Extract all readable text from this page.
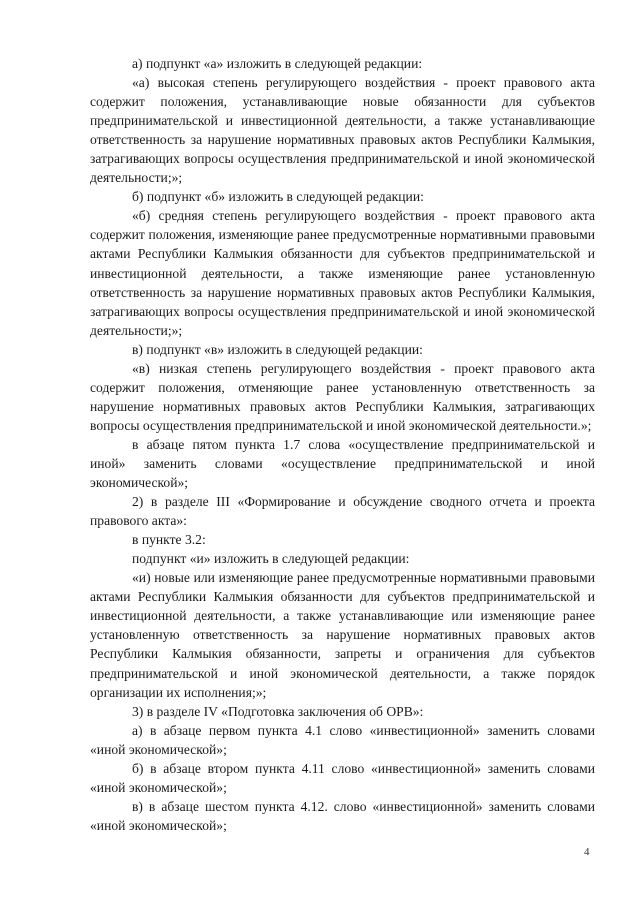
а) подпункт «а» изложить в следующей редакции:

«а) высокая степень регулирующего воздействия - проект правового акта содержит положения, устанавливающие новые обязанности для субъектов предпринимательской и инвестиционной деятельности, а также устанавливающие ответственность за нарушение нормативных правовых актов Республики Калмыкия, затрагивающих вопросы осуществления предпринимательской и иной экономической деятельности;»;

б) подпункт «б» изложить в следующей редакции:

«б) средняя степень регулирующего воздействия - проект правового акта содержит положения, изменяющие ранее предусмотренные нормативными правовыми актами Республики Калмыкия обязанности для субъектов предпринимательской и инвестиционной деятельности, а также изменяющие ранее установленную ответственность за нарушение нормативных правовых актов Республики Калмыкия, затрагивающих вопросы осуществления предпринимательской и иной экономической деятельности;»;

в) подпункт «в» изложить в следующей редакции:

«в) низкая степень регулирующего воздействия - проект правового акта содержит положения, отменяющие ранее установленную ответственность за нарушение нормативных правовых актов Республики Калмыкия, затрагивающих вопросы осуществления предпринимательской и иной экономической деятельности.»;

в абзаце пятом пункта 1.7 слова «осуществление предпринимательской и иной» заменить словами «осуществление предпринимательской и иной экономической»;

2) в разделе III «Формирование и обсуждение сводного отчета и проекта правового акта»:

в пункте 3.2:

подпункт «и» изложить в следующей редакции:

«и) новые или изменяющие ранее предусмотренные нормативными правовыми актами Республики Калмыкия обязанности для субъектов предпринимательской и инвестиционной деятельности, а также устанавливающие или изменяющие ранее установленную ответственность за нарушение нормативных правовых актов Республики Калмыкия обязанности, запреты и ограничения для субъектов предпринимательской и иной экономической деятельности, а также порядок организации их исполнения;»;

3) в разделе IV «Подготовка заключения об ОРВ»:

а) в абзаце первом пункта 4.1 слово «инвестиционной» заменить словами «иной экономической»;

б) в абзаце втором пункта 4.11 слово «инвестиционной» заменить словами «иной экономической»;

в) в абзаце шестом пункта 4.12. слово «инвестиционной» заменить словами «иной экономической»;

4
